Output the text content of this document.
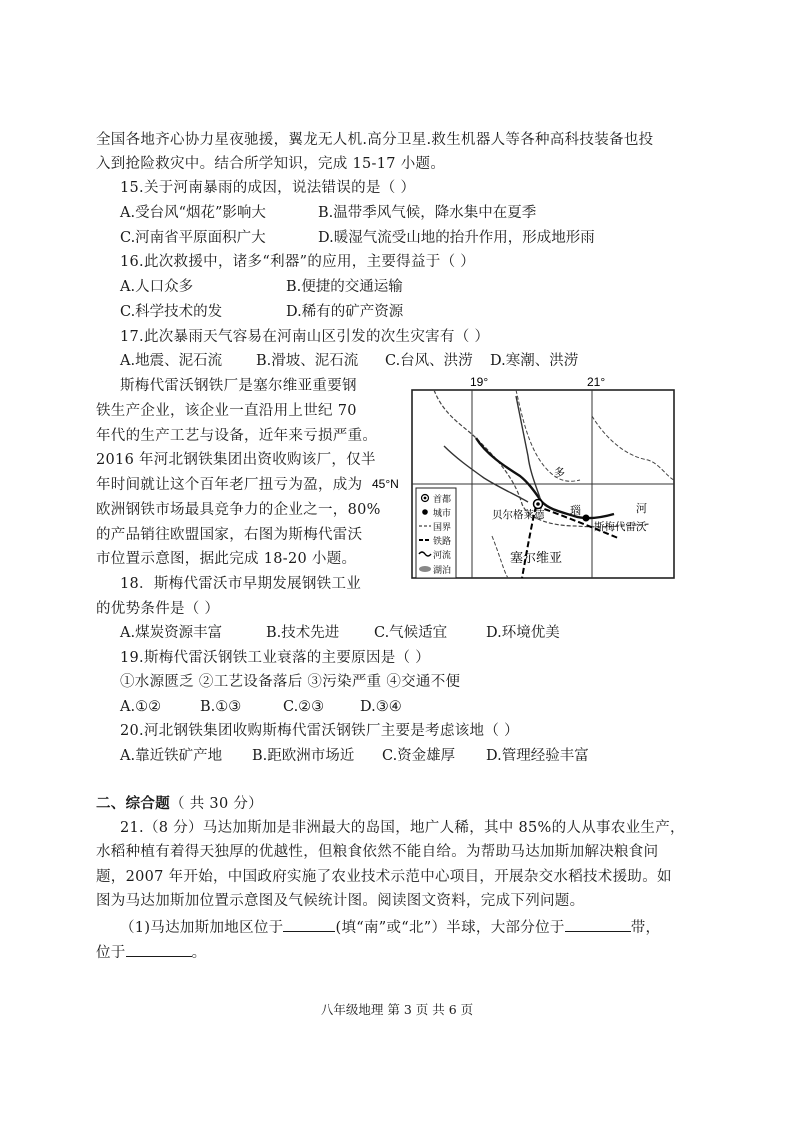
全国各地齐心协力星夜驰援，翼龙无人机.高分卫星.救生机器人等各种高科技装备也投
入到抢险救灾中。结合所学知识，完成 15-17 小题。
15.关于河南暴雨的成因，说法错误的是（ ）
A.受台风“烟花”影响大	B.温带季风气候，降水集中在夏季
C.河南省平原面积广大	D.暖湿气流受山地的抬升作用，形成地形雨
16.此次救援中，诸多“利器”的应用，主要得益于（ ）
A.人口众多	B.便捷的交通运输
C.科学技术的发	D.稀有的矿产资源
17.此次暴雨天气容易在河南山区引发的次生灾害有（ ）
A.地震、泥石流 B.滑坡、泥石流 C.台风、洪涝 D.寒潮、洪涝
斯梅代雷沃钢铁厂是塞尔维亚重要钢
铁生产企业，该企业一直沿用上世纪 70
年代的生产工艺与设备，近年来亏损严重。
2016 年河北钢铁集团出资收购该厂，仅半
年时间就让这个百年老厂扭亏为盈，成为
欧洲钢铁市场最具竞争力的企业之一，80%
的产品销往欧盟国家，右图为斯梅代雷沃
市位置示意图，据此完成 18-20 小题。
19°	21°
45°N
贝尔格莱德
斯梅代雷沃
塞尔维亚
多
瑙	河
首都
城市
国界
铁路
河流
湖泊
18．斯梅代雷沃市早期发展钢铁工业
的优势条件是（ ）
A.煤炭资源丰富	B.技术先进 C.气候适宜	D.环境优美
19.斯梅代雷沃钢铁工业衰落的主要原因是（ ）
①水源匮乏 ②工艺设备落后 ③污染严重 ④交通不便
A.①②	B.①③	C.②③ D.③④
20.河北钢铁集团收购斯梅代雷沃钢铁厂主要是考虑该地（ ）
A.靠近铁矿产地 B.距欧洲市场近 C.资金雄厚 D.管理经验丰富
二、综合题（ 共 30 分）
21.（8 分）马达加斯加是非洲最大的岛国，地广人稀，其中 85%的人从事农业生产，
水稻种植有着得天独厚的优越性，但粮食依然不能自给。为帮助马达加斯加解决粮食问
题，2007 年开始，中国政府实施了农业技术示范中心项目，开展杂交水稻技术援助。如
图为马达加斯加位置示意图及气候统计图。阅读图文资料，完成下列问题。
（1)马达加斯加地区位于	(填“南”或“北”）半球，大部分位于	带，
位于	。
八年级地理 第 3 页 共 6 页
